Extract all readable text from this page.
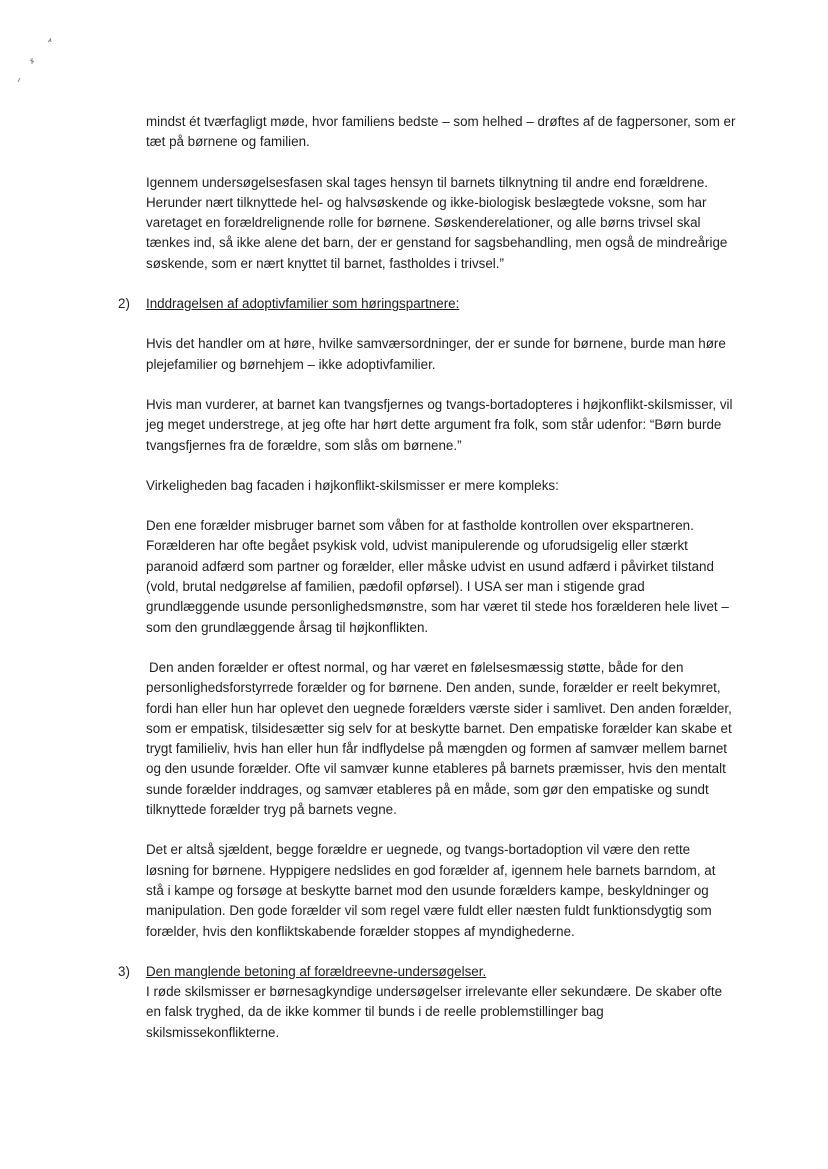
mindst ét tværfagligt møde, hvor familiens bedste – som helhed – drøftes af de fagpersoner, som er tæt på børnene og familien.

Igennem undersøgelsesfasen skal tages hensyn til barnets tilknytning til andre end forældrene. Herunder nært tilknyttede hel- og halvsøskende og ikke-biologisk beslægtede voksne, som har varetaget en forældrelignende rolle for børnene. Søskenderelationer, og alle børns trivsel skal tænkes ind, så ikke alene det barn, der er genstand for sagsbehandling, men også de mindreårige søskende, som er nært knyttet til barnet, fastholdes i trivsel.”

2) Inddragelsen af adoptivfamilier som høringspartnere:

Hvis det handler om at høre, hvilke samværsordninger, der er sunde for børnene, burde man høre plejefamilier og børnehjem – ikke adoptivfamilier.

Hvis man vurderer, at barnet kan tvangsfjernes og tvangs-bortadopteres i højkonflikt-skilsmisser, vil jeg meget understrege, at jeg ofte har hørt dette argument fra folk, som står udenfor: “Børn burde tvangsfjernes fra de forældre, som slås om børnene.”

Virkeligheden bag facaden i højkonflikt-skilsmisser er mere kompleks:

Den ene forælder misbruger barnet som våben for at fastholde kontrollen over ekspartneren. Forælderen har ofte begået psykisk vold, udvist manipulerende og uforudsigelig eller stærkt paranoid adfærd som partner og forælder, eller måske udvist en usund adfærd i påvirket tilstand (vold, brutal nedgørelse af familien, pædofil opførsel). I USA ser man i stigende grad grundlæggende usunde personlighedsmønstre, som har været til stede hos forælderen hele livet – som den grundlæggende årsag til højkonflikten.

Den anden forælder er oftest normal, og har været en følelsesmæssig støtte, både for den personlighedsforstyrrede forælder og for børnene. Den anden, sunde, forælder er reelt bekymret, fordi han eller hun har oplevet den uegnede forælders værste sider i samlivet. Den anden forælder, som er empatisk, tilsidesætter sig selv for at beskytte barnet. Den empatiske forælder kan skabe et trygt familieliv, hvis han eller hun får indflydelse på mængden og formen af samvær mellem barnet og den usunde forælder. Ofte vil samvær kunne etableres på barnets præmisser, hvis den mentalt sunde forælder inddrages, og samvær etableres på en måde, som gør den empatiske og sundt tilknyttede forælder tryg på barnets vegne.

Det er altså sjældent, begge forældre er uegnede, og tvangs-bortadoption vil være den rette løsning for børnene. Hyppigere nedslides en god forælder af, igennem hele barnets barndom, at stå i kampe og forsøge at beskytte barnet mod den usunde forælders kampe, beskyldninger og manipulation. Den gode forælder vil som regel være fuldt eller næsten fuldt funktionsdygtig som forælder, hvis den konfliktskabende forælder stoppes af myndighederne.

3) Den manglende betoning af forældreevne-undersøgelser.

I røde skilsmisser er børnesagkyndige undersøgelser irrelevante eller sekundære. De skaber ofte en falsk tryghed, da de ikke kommer til bunds i de reelle problemstillinger bag skilsmissekonflikterne.
